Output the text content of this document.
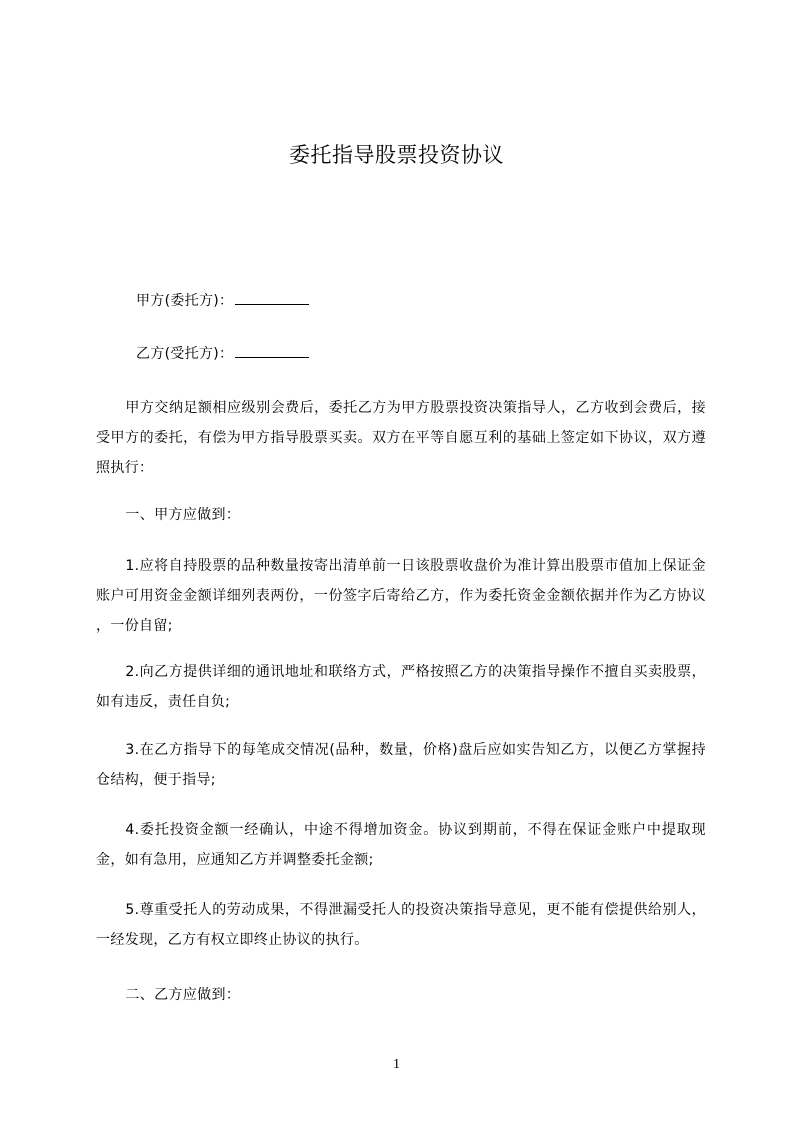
委托指导股票投资协议
甲方(委托方)：
乙方(受托方)：

甲方交纳足额相应级别会费后，委托乙方为甲方股票投资决策指导人，乙方收到会费后，接受甲方的委托，有偿为甲方指导股票买卖。双方在平等自愿互利的基础上签定如下协议，双方遵照执行：

一、甲方应做到：

1.应将自持股票的品种数量按寄出清单前一日该股票收盘价为准计算出股票市值加上保证金账户可用资金金额详细列表两份，一份签字后寄给乙方，作为委托资金金额依据并作为乙方协议 ，一份自留;

2.向乙方提供详细的通讯地址和联络方式，严格按照乙方的决策指导操作不擅自买卖股票，如有违反，责任自负;

3.在乙方指导下的每笔成交情况(品种，数量，价格)盘后应如实告知乙方，以便乙方掌握持仓结构，便于指导;

4.委托投资金额一经确认，中途不得增加资金。协议到期前，不得在保证金账户中提取现金，如有急用，应通知乙方并调整委托金额;

5.尊重受托人的劳动成果，不得泄漏受托人的投资决策指导意见，更不能有偿提供给别人，一经发现，乙方有权立即终止协议的执行。

二、乙方应做到：

1
